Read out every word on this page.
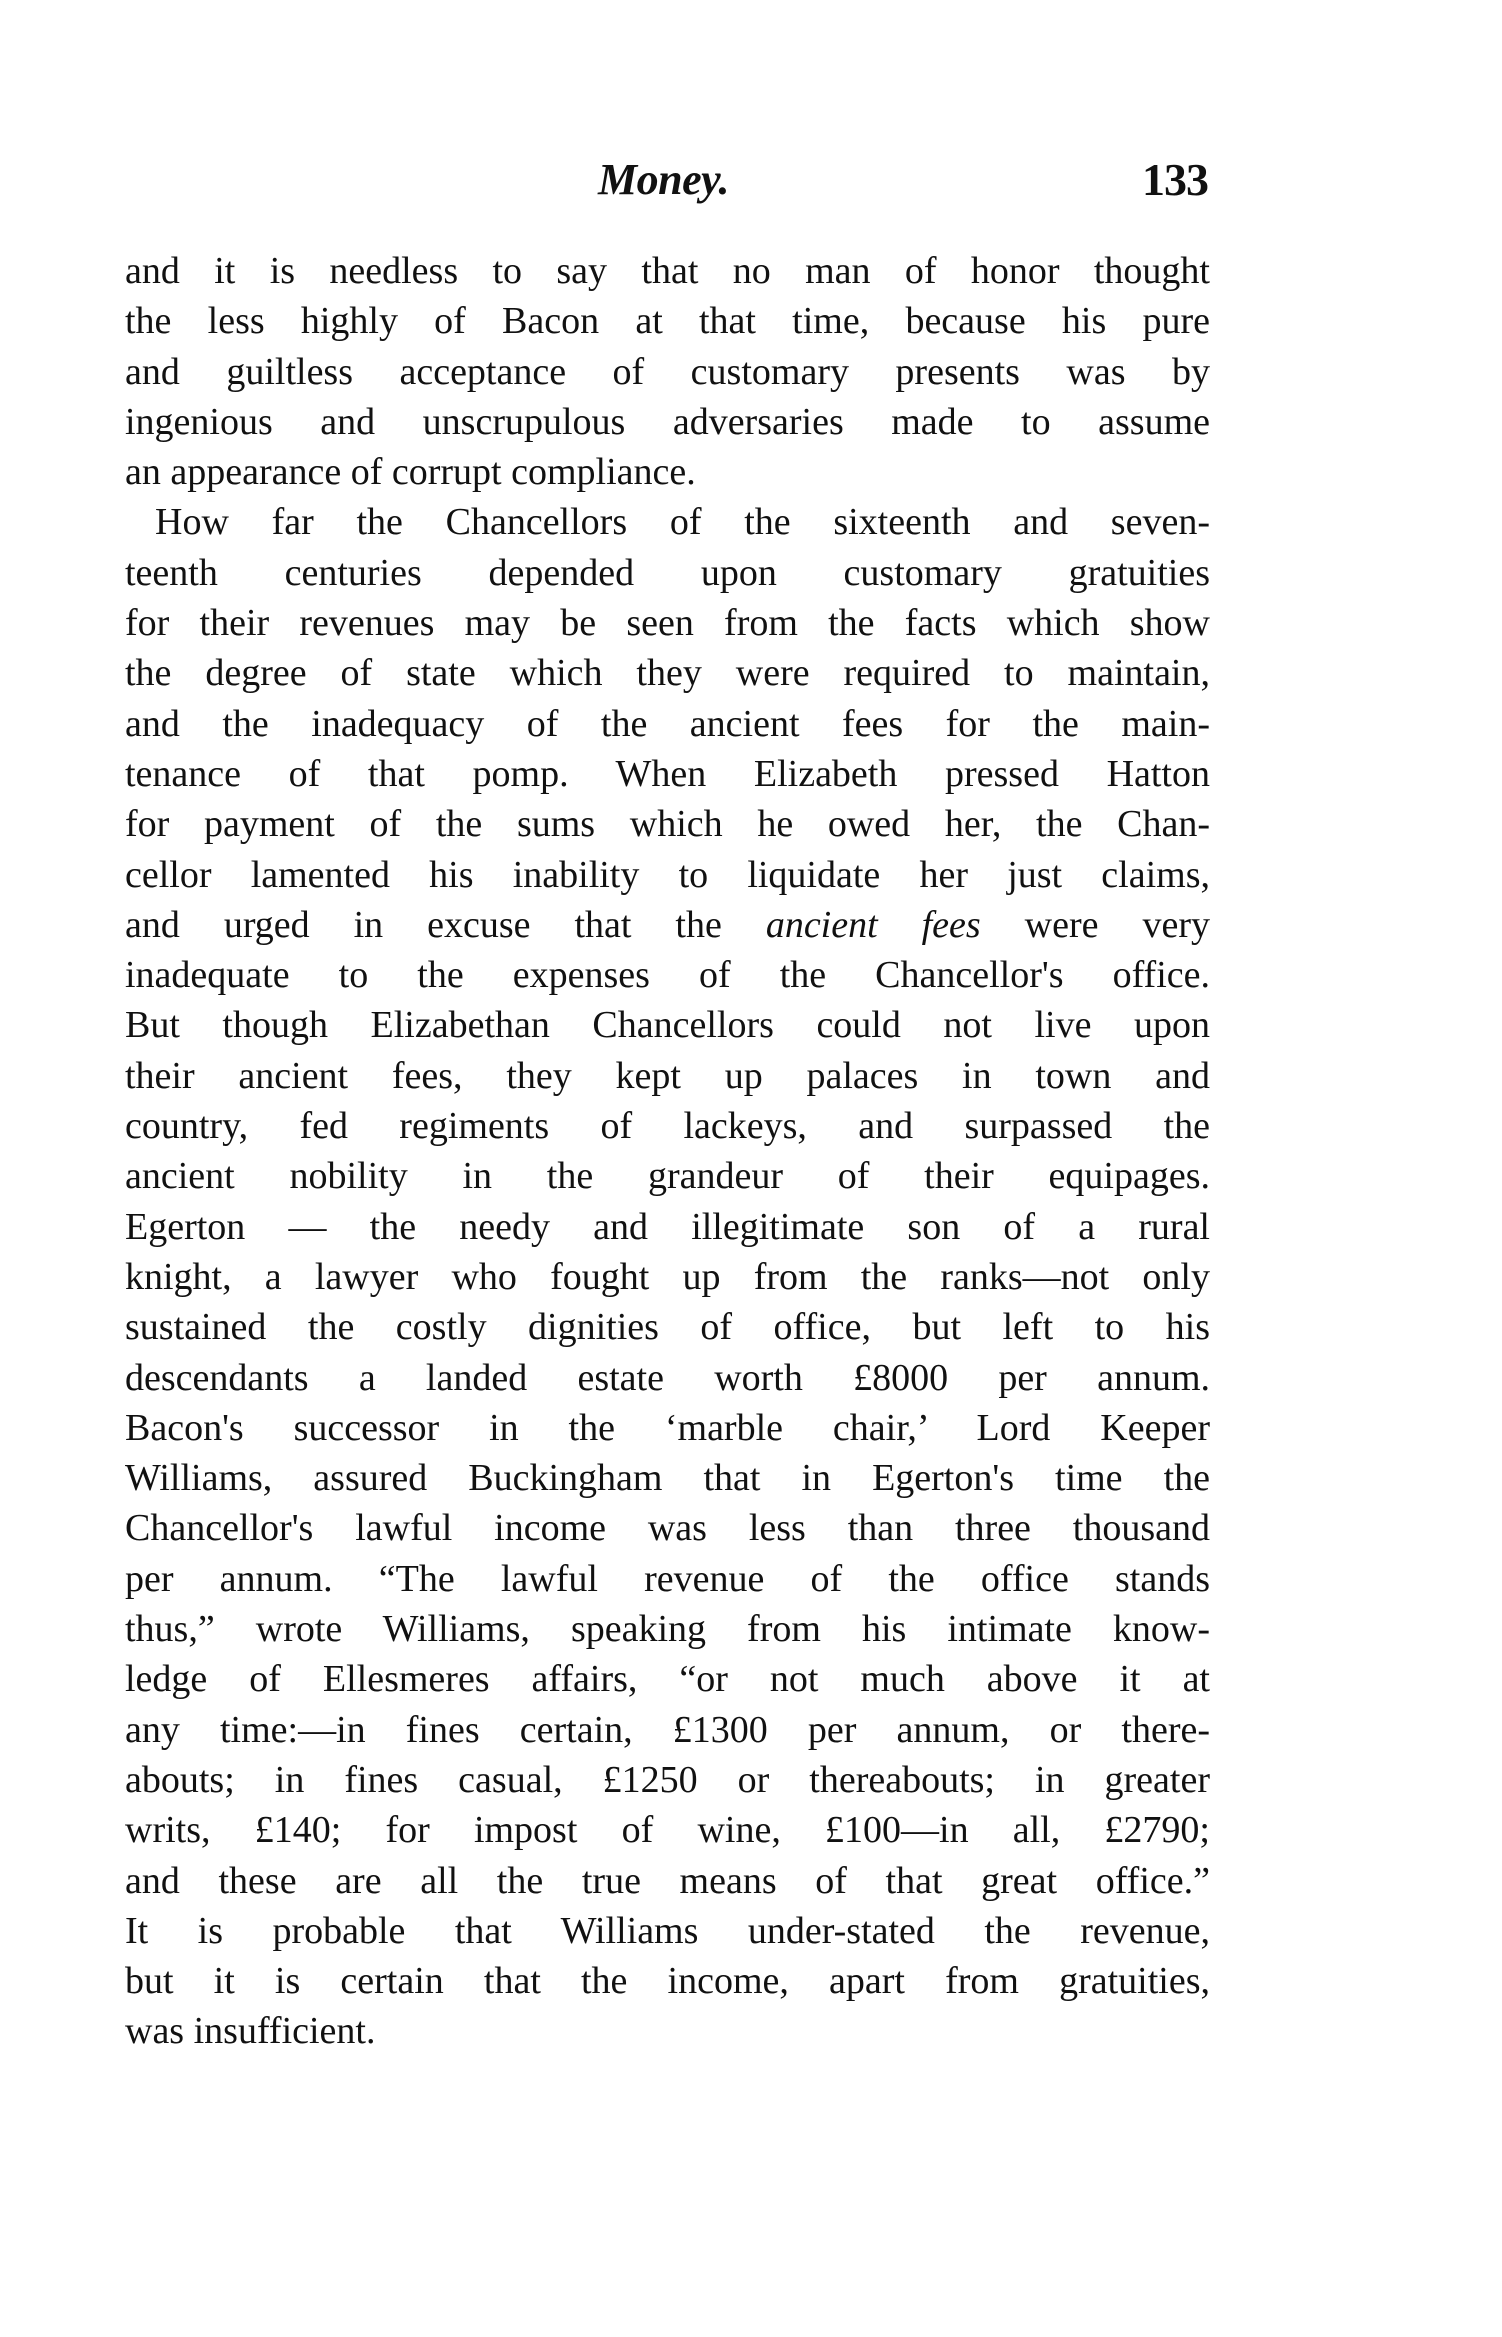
Money.	133
and it is needless to say that no man of honor thought
the less highly of Bacon at that time, because his pure
and guiltless acceptance of customary presents was by
ingenious and unscrupulous adversaries made to assume
an appearance of corrupt compliance.
How far the Chancellors of the sixteenth and seven-
teenth centuries depended upon customary gratuities
for their revenues may be seen from the facts which show
the degree of state which they were required to maintain,
and the inadequacy of the ancient fees for the main-
tenance of that pomp. When Elizabeth pressed Hatton
for payment of the sums which he owed her, the Chan-
cellor lamented his inability to liquidate her just claims,
and urged in excuse that the ancient fees were very
inadequate to the expenses of the Chancellor's office.
But though Elizabethan Chancellors could not live upon
their ancient fees, they kept up palaces in town and
country, fed regiments of lackeys, and surpassed the
ancient nobility in the grandeur of their equipages.
Egerton — the needy and illegitimate son of a rural
knight, a lawyer who fought up from the ranks—not only
sustained the costly dignities of office, but left to his
descendants a landed estate worth £8000 per annum.
Bacon's successor in the ‘marble chair,’ Lord Keeper
Williams, assured Buckingham that in Egerton's time the
Chancellor's lawful income was less than three thousand
per annum. “The lawful revenue of the office stands
thus,” wrote Williams, speaking from his intimate know-
ledge of Ellesmeres affairs, “or not much above it at
any time:—in fines certain, £1300 per annum, or there-
abouts; in fines casual, £1250 or thereabouts; in greater
writs, £140; for impost of wine, £100—in all, £2790;
and these are all the true means of that great office.”
It is probable that Williams under-stated the revenue,
but it is certain that the income, apart from gratuities,
was insufficient.
